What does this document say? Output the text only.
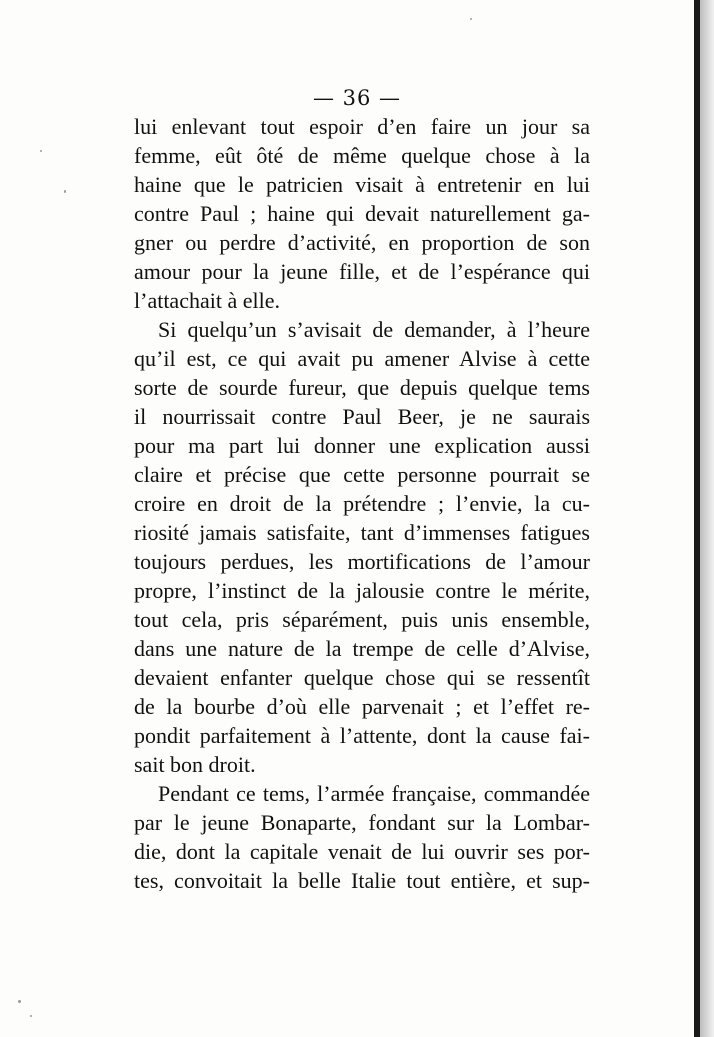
— 36 —
lui enlevant tout espoir d’en faire un jour sa
femme, eût ôté de même quelque chose à la
haine que le patricien visait à entretenir en lui
contre Paul ; haine qui devait naturellement ga-
gner ou perdre d’activité, en proportion de son
amour pour la jeune fille, et de l’espérance qui
l’attachait à elle.
Si quelqu’un s’avisait de demander, à l’heure
qu’il est, ce qui avait pu amener Alvise à cette
sorte de sourde fureur, que depuis quelque tems
il nourrissait contre Paul Beer, je ne saurais
pour ma part lui donner une explication aussi
claire et précise que cette personne pourrait se
croire en droit de la prétendre ; l’envie, la cu-
riosité jamais satisfaite, tant d’immenses fatigues
toujours perdues, les mortifications de l’amour
propre, l’instinct de la jalousie contre le mérite,
tout cela, pris séparément, puis unis ensemble,
dans une nature de la trempe de celle d’Alvise,
devaient enfanter quelque chose qui se ressentît
de la bourbe d’où elle parvenait ; et l’effet re-
pondit parfaitement à l’attente, dont la cause fai-
sait bon droit.
Pendant ce tems, l’armée française, commandée
par le jeune Bonaparte, fondant sur la Lombar-
die, dont la capitale venait de lui ouvrir ses por-
tes, convoitait la belle Italie tout entière, et sup-
